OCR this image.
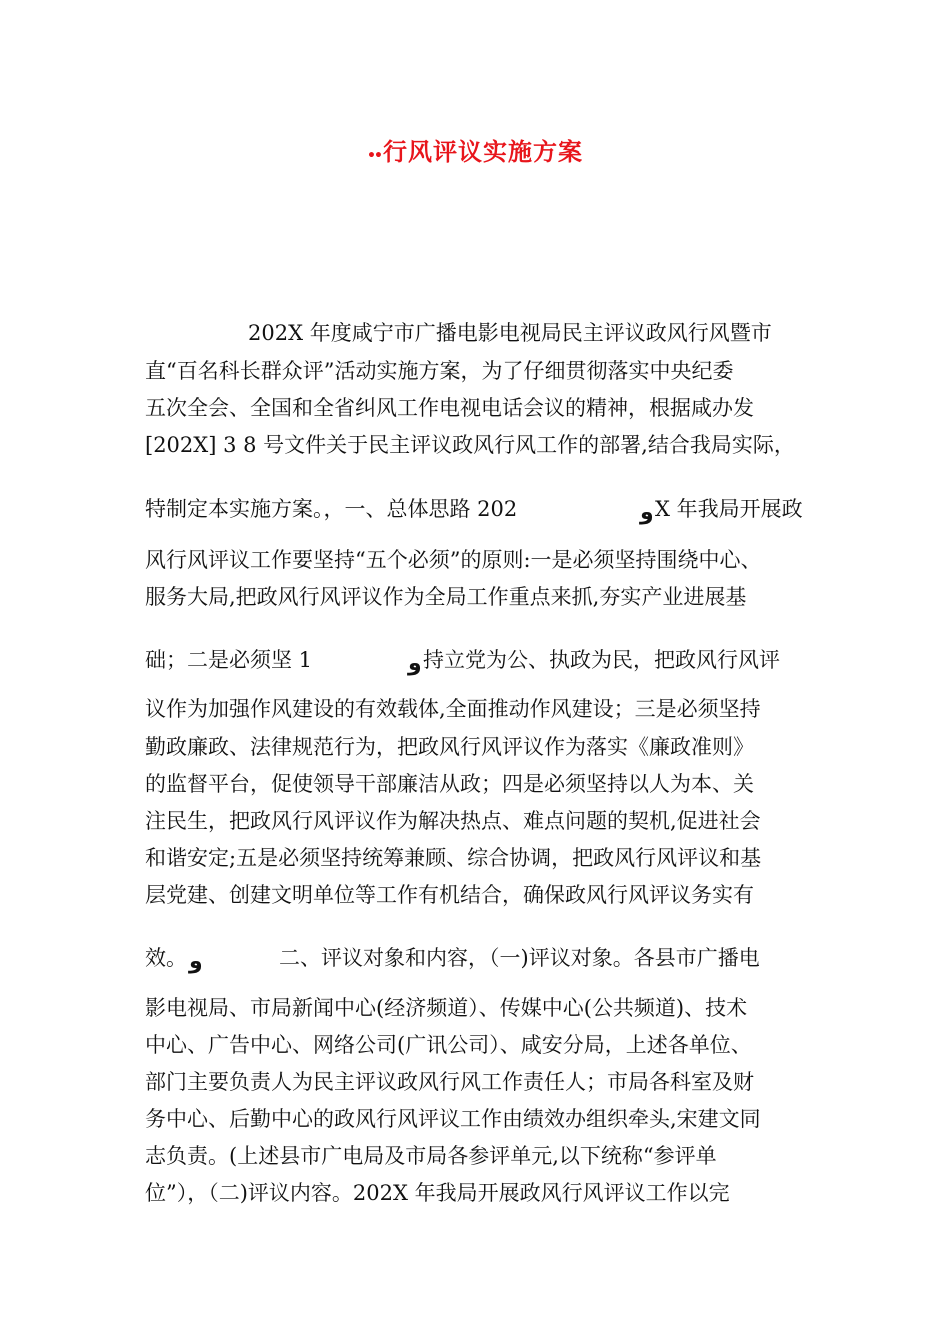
••行风评议实施方案
202X 年度咸宁市广播电影电视局民主评议政风行风暨市
直“百名科长群众评”活动实施方案，为了仔细贯彻落实中央纪委
五次全会、全国和全省纠风工作电视电话会议的精神，根据咸办发
[202X] 3 8 号文件关于民主评议政风行风工作的部署,结合我局实际，
特制定本实施方案。，一、总体思路 202	و X 年我局开展政
风行风评议工作要坚持“五个必须”的原则:一是必须坚持围绕中心、
服务大局,把政风行风评议作为全局工作重点来抓,夯实产业进展基
础；二是必须坚 1	و 持立党为公、执政为民，把政风行风评
议作为加强作风建设的有效载体,全面推动作风建设；三是必须坚持
勤政廉政、法律规范行为，把政风行风评议作为落实《廉政准则》
的监督平台，促使领导干部廉洁从政；四是必须坚持以人为本、关
注民生，把政风行风评议作为解决热点、难点问题的契机,促进社会
和谐安定;五是必须坚持统筹兼顾、综合协调，把政风行风评议和基
层党建、创建文明单位等工作有机结合，确保政风行风评议务实有
效。 و	二、评议对象和内容，（一)评议对象。各县市广播电
影电视局、市局新闻中心(经济频道）、传媒中心(公共频道)、技术
中心、广告中心、网络公司(广讯公司）、咸安分局，上述各单位、
部门主要负责人为民主评议政风行风工作责任人；市局各科室及财
务中心、后勤中心的政风行风评议工作由绩效办组织牵头,宋建文同
志负责。(上述县市广电局及市局各参评单元,以下统称“参评单
位”），（二)评议内容。202X 年我局开展政风行风评议工作以完
